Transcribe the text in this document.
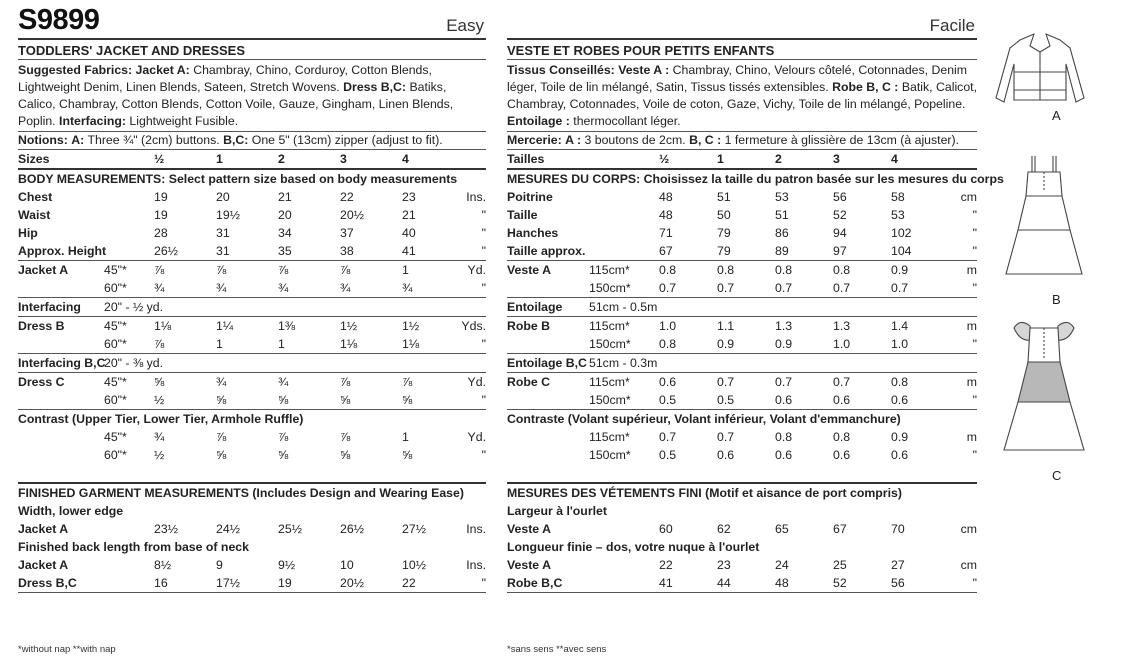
S9899	Easy
TODDLERS' JACKET AND DRESSES
Suggested Fabrics: Jacket A: Chambray, Chino, Corduroy, Cotton Blends, Lightweight Denim, Linen Blends, Sateen, Stretch Wovens. Dress B,C: Batiks, Calico, Chambray, Cotton Blends, Cotton Voile, Gauze, Gingham, Linen Blends, Poplin. Interfacing: Lightweight Fusible.
Notions: A: Three ¾" (2cm) buttons. B,C: One 5" (13cm) zipper (adjust to fit).
Sizes		½	1	2	3	4	
BODY MEASUREMENTS: Select pattern size based on body measurements							
Chest		19	20	21	22	23	Ins.
Waist		19	19½	20	20½	21	"
Hip		28	31	34	37	40	"
Approx. Height		26½	31	35	38	41	"
Jacket A	45"*	⅞	⅞	⅞	⅞	1	Yd.
	60"*	¾	¾	¾	¾	¾	"
Interfacing	20" - ½ yd.						
Dress B	45"*	1⅛	1¼	1⅜	1½	1½	Yds.
	60"*	⅞	1	1	1⅛	1⅛	"
Interfacing B,C	20" - ⅜ yd.						
Dress C	45"*	⅝	¾	¾	⅞	⅞	Yd.
	60"*	½	⅝	⅝	⅝	⅝	"
Contrast (Upper Tier, Lower Tier, Armhole Ruffle)							
	45"*	¾	⅞	⅞	⅞	1	Yd.
	60"*	½	⅝	⅝	⅝	⅝	"

FINISHED GARMENT MEASUREMENTS (Includes Design and Wearing Ease)							
Width, lower edge							
Jacket A		23½	24½	25½	26½	27½	Ins.
Finished back length from base of neck							
Jacket A		8½	9	9½	10	10½	Ins.
Dress B,C		16	17½	19	20½	22	"

*without nap **with nap
Facile
VESTE ET ROBES POUR PETITS ENFANTS
Tissus Conseillés: Veste A : Chambray, Chino, Velours côtelé, Cotonnades, Denim léger, Toile de lin mélangé, Satin, Tissus tissés extensibles. Robe B, C : Batik, Calicot, Chambray, Cotonnades, Voile de coton, Gaze, Vichy, Toile de lin mélangé, Popeline. Entoilage : thermocollant léger.
Mercerie: A : 3 boutons de 2cm. B, C : 1 fermeture à glissière de 13cm (à ajuster).
Tailles		½	1	2	3	4	
MESURES DU CORPS: Choisissez la taille du patron basée sur les mesures du corps							
Poitrine		48	51	53	56	58	cm
Taille		48	50	51	52	53	"
Hanches		71	79	86	94	102	"
Taille approx.		67	79	89	97	104	"
Veste A	115cm*	0.8	0.8	0.8	0.8	0.9	m
	150cm*	0.7	0.7	0.7	0.7	0.7	"
Entoilage	51cm - 0.5m						
Robe B	115cm*	1.0	1.1	1.3	1.3	1.4	m
	150cm*	0.8	0.9	0.9	1.0	1.0	"
Entoilage B,C	51cm - 0.3m						
Robe C	115cm*	0.6	0.7	0.7	0.7	0.8	m
	150cm*	0.5	0.5	0.6	0.6	0.6	"
Contraste (Volant supérieur, Volant inférieur, Volant d'emmanchure)							
	115cm*	0.7	0.7	0.8	0.8	0.9	m
	150cm*	0.5	0.6	0.6	0.6	0.6	"

MESURES DES VÉTEMENTS FINI (Motif et aisance de port compris)							
Largeur à l'ourlet							
Veste A		60	62	65	67	70	cm
Longueur finie – dos, votre nuque à l'ourlet							
Veste A		22	23	24	25	27	cm
Robe B,C		41	44	48	52	56	"

*sans sens **avec sens
A
B
C
